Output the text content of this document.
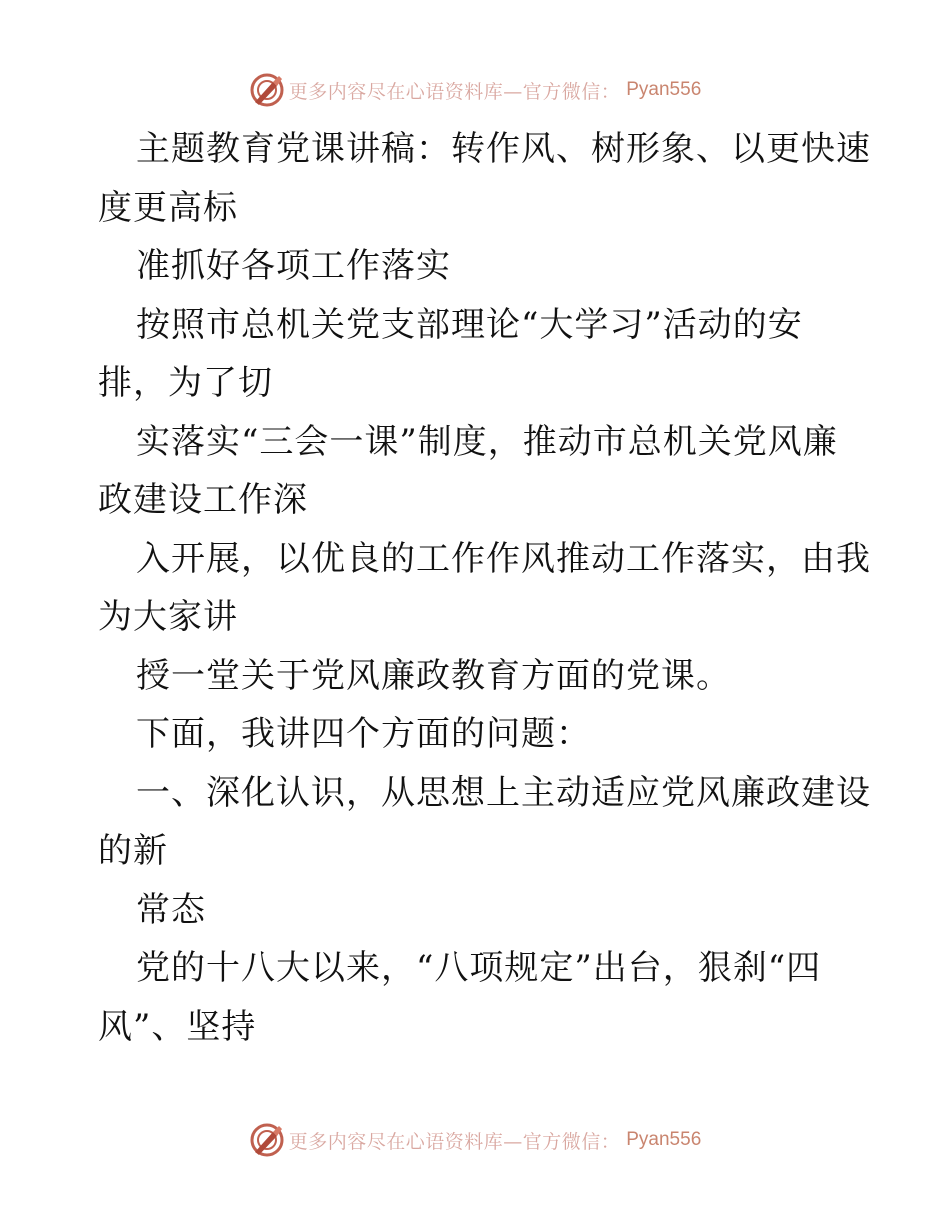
更多内容尽在心语资料库—官方微信： Pyan556
主题教育党课讲稿：转作风、树形象、以更快速
度更高标
准抓好各项工作落实
按照市总机关党支部理论“大学习”活动的安
排，为了切
实落实“三会一课”制度，推动市总机关党风廉
政建设工作深
入开展，以优良的工作作风推动工作落实，由我
为大家讲
授一堂关于党风廉政教育方面的党课。
下面，我讲四个方面的问题：
一、深化认识，从思想上主动适应党风廉政建设
的新
常态
党的十八大以来，“八项规定”出台，狠刹“四
风”、坚持
更多内容尽在心语资料库—官方微信： Pyan556
